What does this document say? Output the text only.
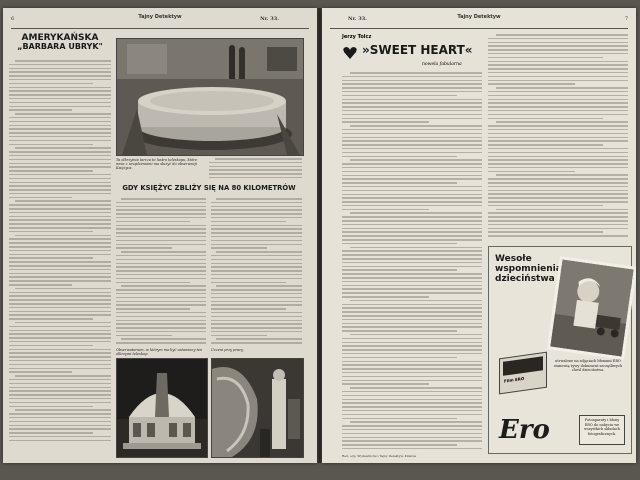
6	Tajny Detektyw	Nr. 33.
AMERYKAŃSKA
„BARBARA UBRYK"
Ta olbrzymia tarcza to lustro teleskopu, które wraz z urządzeniami ma służyć do obserwacji Księżyca.
GDY KSIĘŻYC ZBLIŻY SIĘ NA 80 KILOMETRÓW
Obserwatorium, w którym ma być ustawiony ten olbrzymi teleskop.
Uczeni przy pracy.
Nr. 33.	Tajny Detektyw	7
Jerzy Tolcz
»SWEET HEART«
nowela fabularna
Wesołe
wspomnienia
dzieciństwa
Film ERO
utrwalone na zdjęciach błonami ERO stanowią żywy dokument szczęśliwych chwil dzieciństwa.
Ero	Fotoaparaty i błony ERO do nabycia we wszystkich składach fotograficznych.
Red. odp. Wydawnictwo Tajny Detektyw, Kraków
